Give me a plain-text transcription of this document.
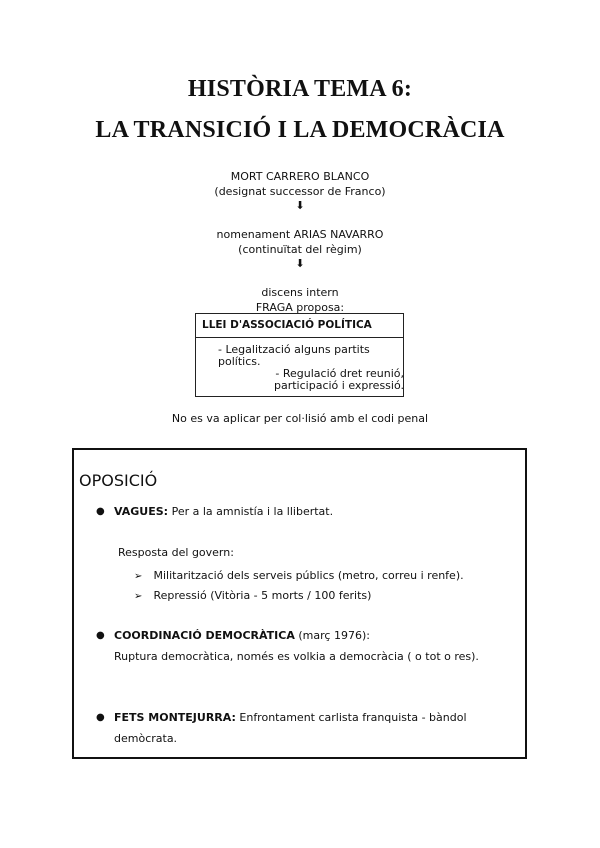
HISTÒRIA TEMA 6:
LA TRANSICIÓ I LA DEMOCRÀCIA
MORT CARRERO BLANCO
(designat successor de Franco)
⬇
nomenament ARIAS NAVARRO
(continuïtat del règim)
⬇
discens intern
FRAGA proposa:
LLEI D'ASSOCIACIÓ POLÍTICA
- Legalització alguns partits polítics.
- Regulació dret reunió, participació i expressió.
No es va aplicar per col·lisió amb el codi penal
OPOSICIÓ
● VAGUES: Per a la amnistía i la llibertat.
Resposta del govern:
➢ Militarització dels serveis públics (metro, correu i renfe).
➢ Repressió (Vitòria - 5 morts / 100 ferits)
● COORDINACIÓ DEMOCRÀTICA (març 1976):
Ruptura democràtica, només es volkia a democràcia ( o tot o res).
● FETS MONTEJURRA: Enfrontament carlista franquista - bàndol
demòcrata.
